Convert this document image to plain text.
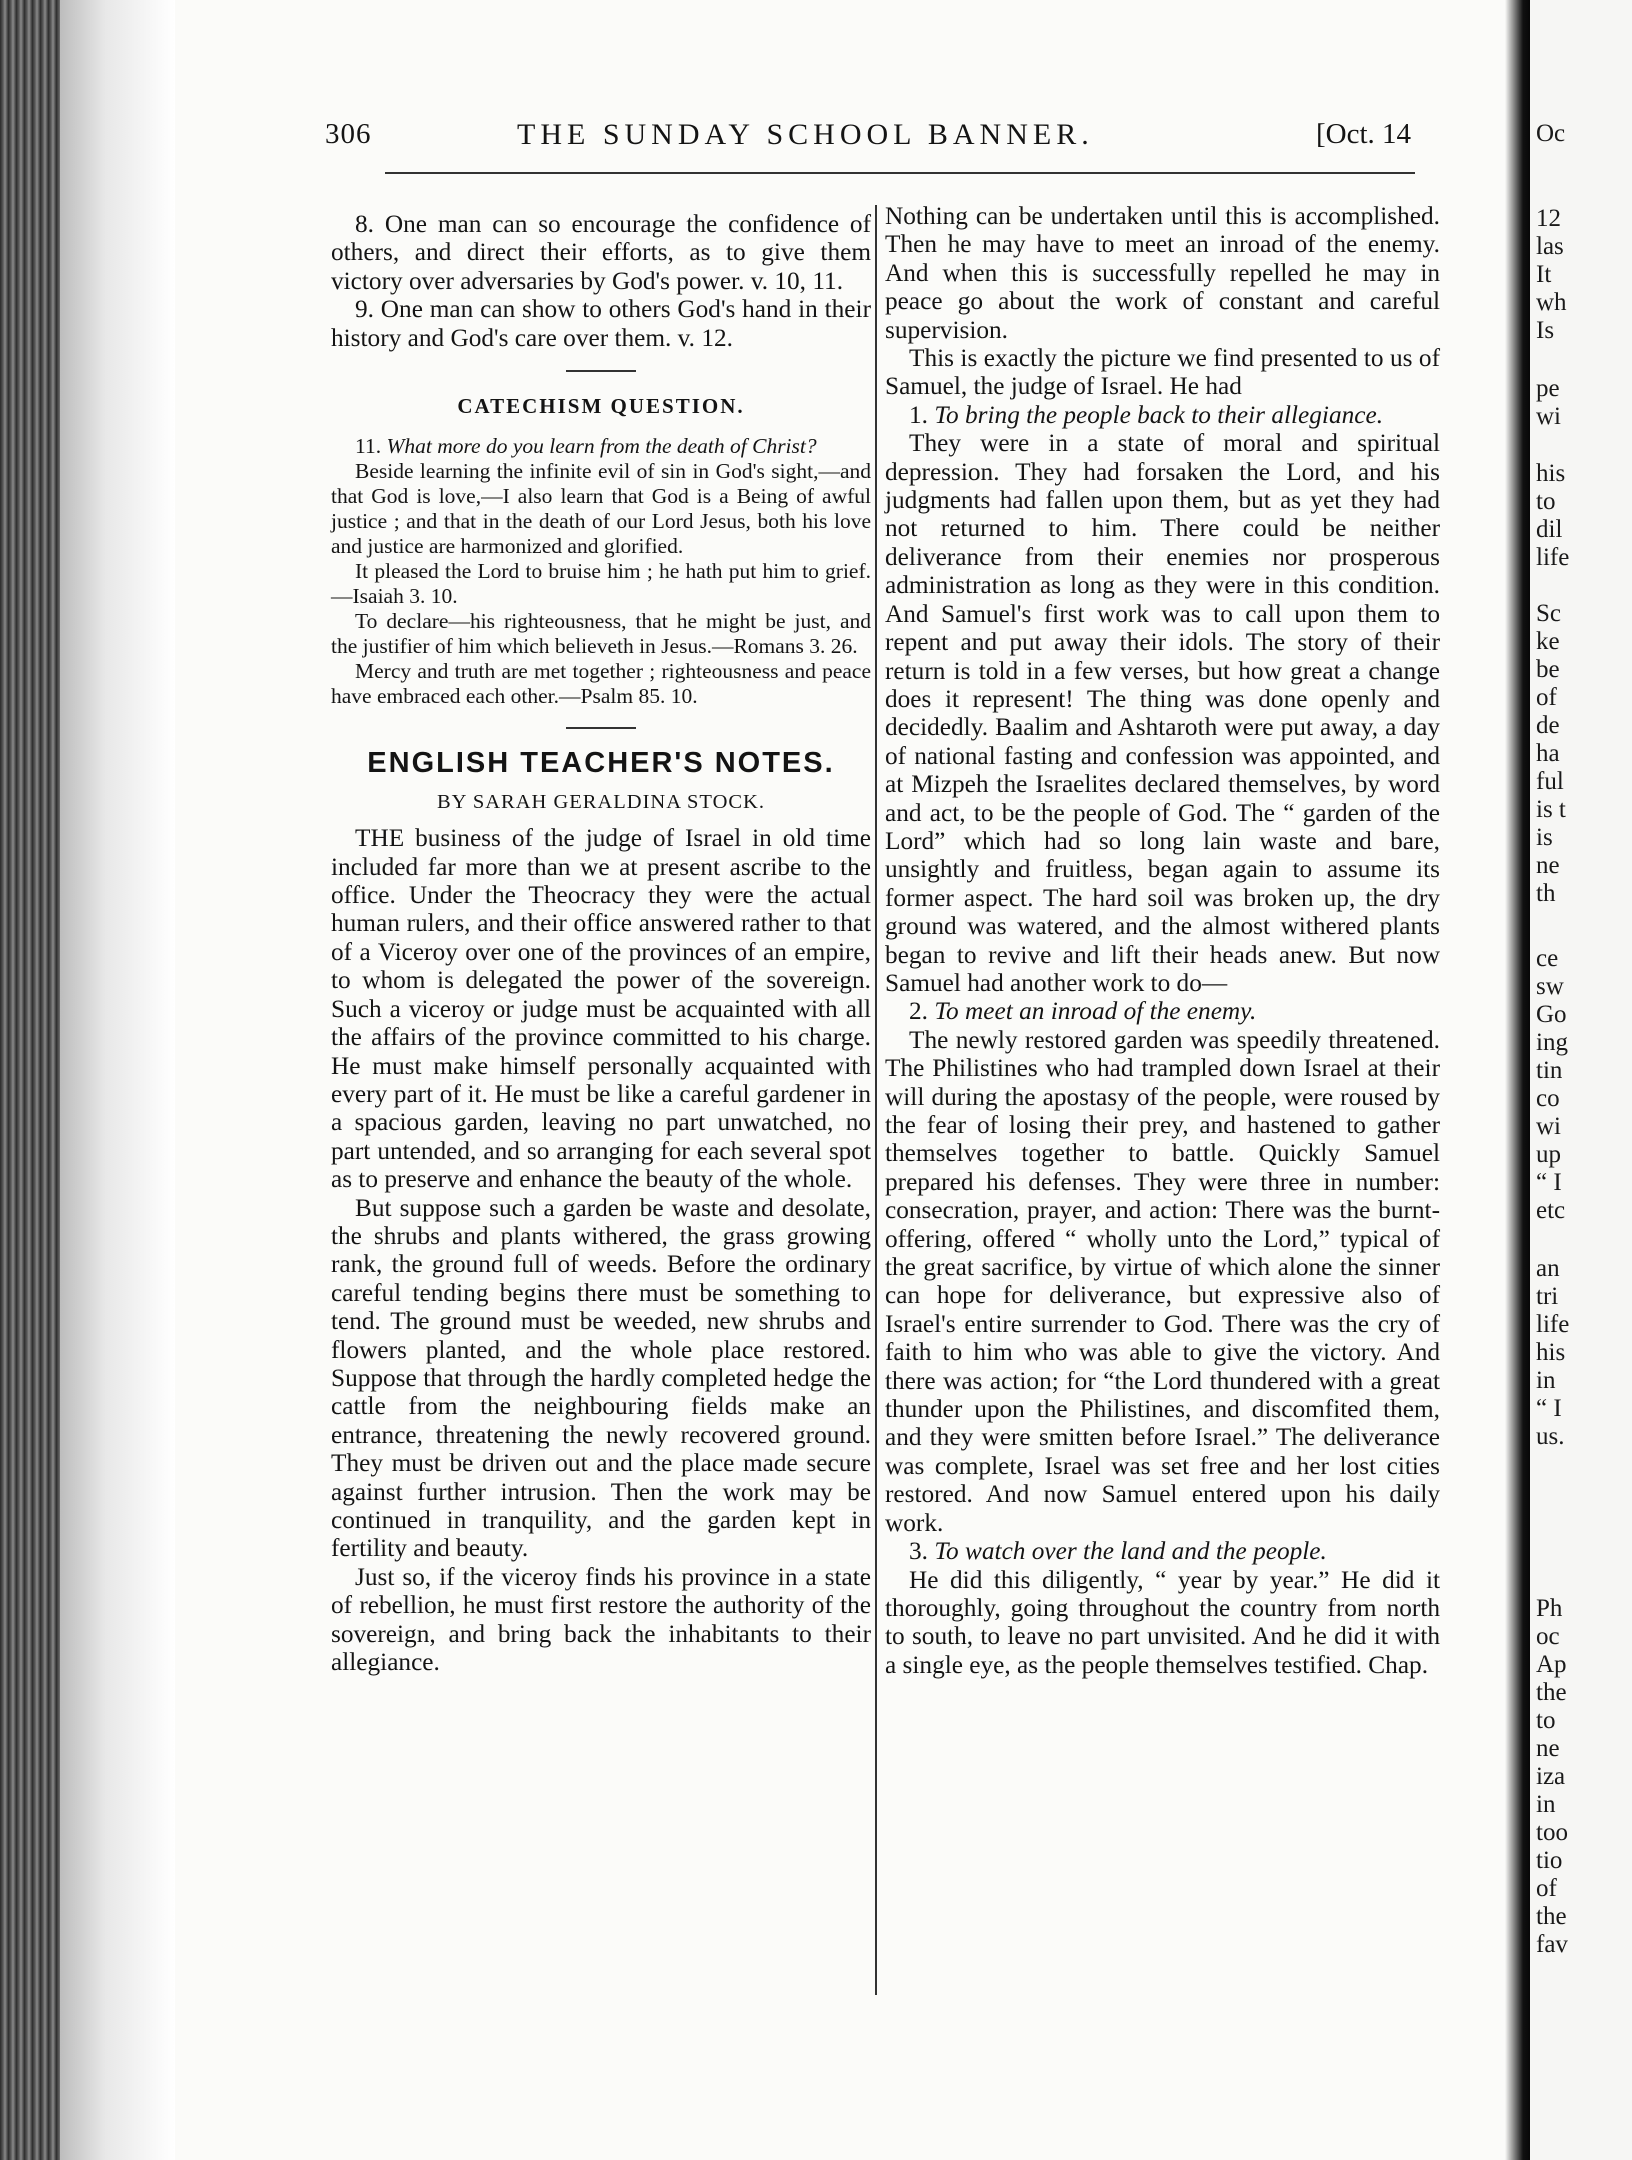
Oc
12
las
It
wh
Is
pe
wi
his
to
dil
life
Sc
ke
be
of
de
ha
ful
is t
is
ne
th
ce
sw
Go
ing
tin
co
wi
up
“ I
etc
an
tri
life
his
in
“ I
us.
Ph
oc
Ap
the
to
ne
iza
in
too
tio
of
the
fav
306	THE SUNDAY SCHOOL BANNER.	[Oct. 14

8. One man can so encourage the confidence of others, and direct their efforts, as to give them victory over adversaries by God's power. v. 10, 11.

9. One man can show to others God's hand in their history and God's care over them. v. 12.

CATECHISM QUESTION.

11. What more do you learn from the death of Christ?

Beside learning the infinite evil of sin in God's sight,—and that God is love,—I also learn that God is a Being of awful justice ; and that in the death of our Lord Jesus, both his love and justice are harmonized and glorified.

It pleased the Lord to bruise him ; he hath put him to grief.—Isaiah 3. 10.

To declare—his righteousness, that he might be just, and the justifier of him which believeth in Jesus.—Romans 3. 26.

Mercy and truth are met together ; righteousness and peace have embraced each other.—Psalm 85. 10.

ENGLISH TEACHER'S NOTES.
BY SARAH GERALDINA STOCK.

THE business of the judge of Israel in old time included far more than we at present ascribe to the office. Under the Theocracy they were the actual human rulers, and their office answered rather to that of a Viceroy over one of the provinces of an empire, to whom is delegated the power of the sovereign. Such a viceroy or judge must be acquainted with all the affairs of the province committed to his charge. He must make himself personally acquainted with every part of it. He must be like a careful gardener in a spacious garden, leaving no part unwatched, no part untended, and so arranging for each several spot as to preserve and enhance the beauty of the whole.

But suppose such a garden be waste and desolate, the shrubs and plants withered, the grass growing rank, the ground full of weeds. Before the ordinary careful tending begins there must be something to tend. The ground must be weeded, new shrubs and flowers planted, and the whole place restored. Suppose that through the hardly completed hedge the cattle from the neighbouring fields make an entrance, threatening the newly recovered ground. They must be driven out and the place made secure against further intrusion. Then the work may be continued in tranquility, and the garden kept in fertility and beauty.

Just so, if the viceroy finds his province in a state of rebellion, he must first restore the authority of the sovereign, and bring back the inhabitants to their allegiance.

Nothing can be undertaken until this is accomplished. Then he may have to meet an inroad of the enemy. And when this is successfully repelled he may in peace go about the work of constant and careful supervision.

This is exactly the picture we find presented to us of Samuel, the judge of Israel. He had

1. To bring the people back to their allegiance.

They were in a state of moral and spiritual depression. They had forsaken the Lord, and his judgments had fallen upon them, but as yet they had not returned to him. There could be neither deliverance from their enemies nor prosperous administration as long as they were in this condition. And Samuel's first work was to call upon them to repent and put away their idols. The story of their return is told in a few verses, but how great a change does it represent! The thing was done openly and decidedly. Baalim and Ashtaroth were put away, a day of national fasting and confession was appointed, and at Mizpeh the Israelites declared themselves, by word and act, to be the people of God. The “ garden of the Lord” which had so long lain waste and bare, unsightly and fruitless, began again to assume its former aspect. The hard soil was broken up, the dry ground was watered, and the almost withered plants began to revive and lift their heads anew. But now Samuel had another work to do—

2. To meet an inroad of the enemy.

The newly restored garden was speedily threatened. The Philistines who had trampled down Israel at their will during the apostasy of the people, were roused by the fear of losing their prey, and hastened to gather themselves together to battle. Quickly Samuel prepared his defenses. They were three in number: consecration, prayer, and action: There was the burnt-offering, offered “ wholly unto the Lord,” typical of the great sacrifice, by virtue of which alone the sinner can hope for deliverance, but expressive also of Israel's entire surrender to God. There was the cry of faith to him who was able to give the victory. And there was action; for “the Lord thundered with a great thunder upon the Philistines, and discomfited them, and they were smitten before Israel.” The deliverance was complete, Israel was set free and her lost cities restored. And now Samuel entered upon his daily work.

3. To watch over the land and the people.

He did this diligently, “ year by year.” He did it thoroughly, going throughout the country from north to south, to leave no part unvisited. And he did it with a single eye, as the people themselves testified. Chap.
